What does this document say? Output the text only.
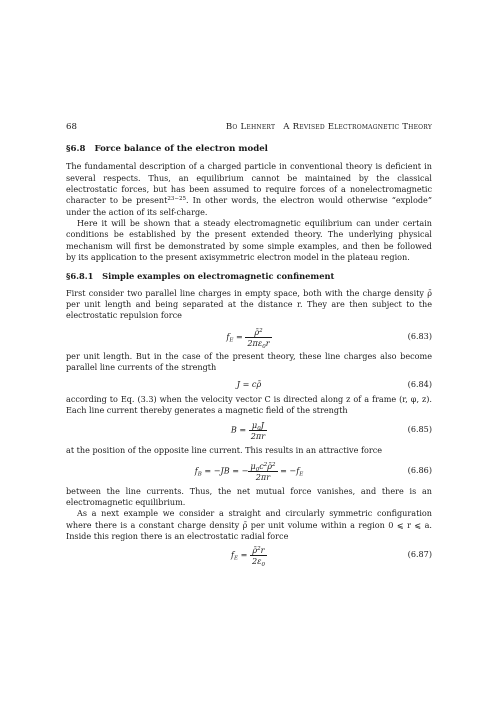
68	Bo Lehnert A Revised Electromagnetic Theory
§6.8 Force balance of the electron model

The fundamental description of a charged particle in conventional theory is deficient in several respects. Thus, an equilibrium cannot be maintained by the classical electrostatic forces, but has been assumed to require forces of a nonelectromagnetic character to be present$^{23-25}$. In other words, the electron would otherwise “explode” under the action of its self-charge.

Here it will be shown that a steady electromagnetic equilibrium can under certain conditions be established by the present extended theory. The underlying physical mechanism will first be demonstrated by some simple examples, and then be followed by its application to the present axisymmetric electron model in the plateau region.

§6.8.1 Simple examples on electromagnetic confinement

First consider two parallel line charges in empty space, both with the charge density ρ̄ per unit length and being separated at the distance r. They are then subject to the electrostatic repulsion force

$f_E = \frac{\rhō^2}{2\pi\varepsilon_0r}$	(6.83)

per unit length. But in the case of the present theory, these line charges also become parallel line currents of the strength

J = cρ̄	(6.84)

according to Eq. (3.3) when the velocity vector C is directed along z of a frame (r, φ, z). Each line current thereby generates a magnetic field of the strength

$B = \frac{\mu_0J}{2\pi r}$	(6.85)

at the position of the opposite line current. This results in an attractive force

$f_B = -JB$ = − $\frac{\mu_0c^2\rhō^2}{2\pi r} = -f_E$	(6.86)

between the line currents. Thus, the net mutual force vanishes, and there is an electromagnetic equilibrium.

As a next example we consider a straight and circularly symmetric configuration where there is a constant charge density ρ̄ per unit volume within a region 0 ⩽ r ⩽ a. Inside this region there is an electrostatic radial force

$f_E = \frac{\rhō^2r}{2\varepsilon_0}$	(6.87)
